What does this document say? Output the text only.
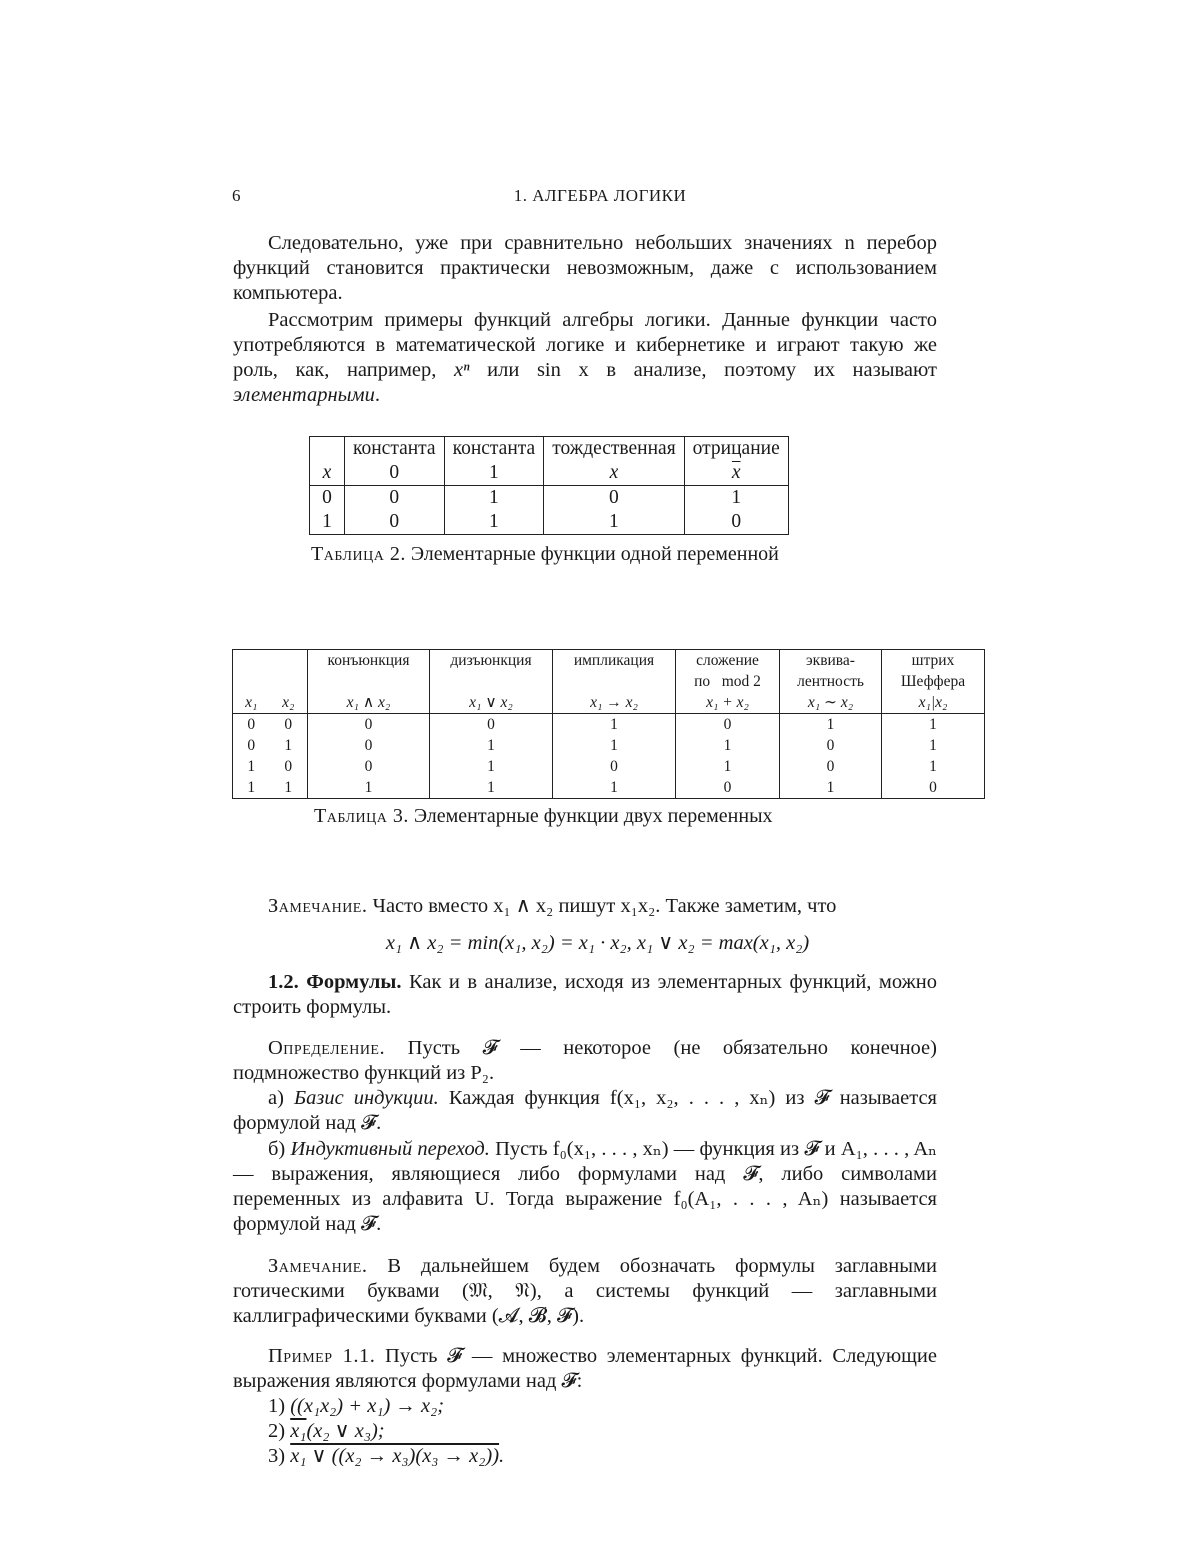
6	1. АЛГЕБРА ЛОГИКИ
Следовательно, уже при сравнительно небольших значениях n перебор функций становится практически невозможным, даже с использованием компьютера.
Рассмотрим примеры функций алгебры логики. Данные функции часто употребляются в математической логике и кибернетике и играют такую же роль, как, например, xⁿ или sin x в анализе, поэтому их называют элементарными.
	константа	константа	тождественная	отрицание
x	0	1	x	x
0	0	1	0	1
1	0	1	1	0
Таблица 2. Элементарные функции одной переменной
		конъюнкция	дизъюнкция	импликация	сложение	эквива-	штрих
					по   mod 2	лентность	Шеффера
x₁	x₂	x₁ ∧ x₂	x₁ ∨ x₂	x₁ → x₂	x₁ + x₂	x₁ ∼ x₂	x₁|x₂
0	0	0	0	1	0	1	1
0	1	0	1	1	1	0	1
1	0	0	1	0	1	0	1
1	1	1	1	1	0	1	0
Таблица 3. Элементарные функции двух переменных
Замечание. Часто вместо x₁ ∧ x₂ пишут x₁x₂. Также заметим, что
x₁ ∧ x₂ = min(x₁, x₂) = x₁ · x₂, x₁ ∨ x₂ = max(x₁, x₂)
1.2. Формулы. Как и в анализе, исходя из элементарных функций, можно строить формулы.
Определение. Пусть 𝓕 — некоторое (не обязательно конечное) подмножество функций из P₂.
а) Базис индукции. Каждая функция f(x₁, x₂, . . . , xₙ) из 𝓕 называется формулой над 𝓕.
б) Индуктивный переход. Пусть f₀(x₁, . . . , xₙ) — функция из 𝓕 и A₁, . . . , Aₙ — выражения, являющиеся либо формулами над 𝓕, либо символами переменных из алфавита U. Тогда выражение f₀(A₁, . . . , Aₙ) называется формулой над 𝓕.
Замечание. В дальнейшем будем обозначать формулы заглавными готическими буквами (𝔐, 𝔑), а системы функций — заглавными каллиграфическими буквами (𝓐, 𝓑, 𝓕).
Пример 1.1. Пусть 𝓕 — множество элементарных функций. Следующие выражения являются формулами над 𝓕:
1) ((x₁x₂) + x₁) → x₂;
2) x₁(x₂ ∨ x₃);
3) x₁ ∨ ((x₂ → x₃)(x₃ → x₂)).
